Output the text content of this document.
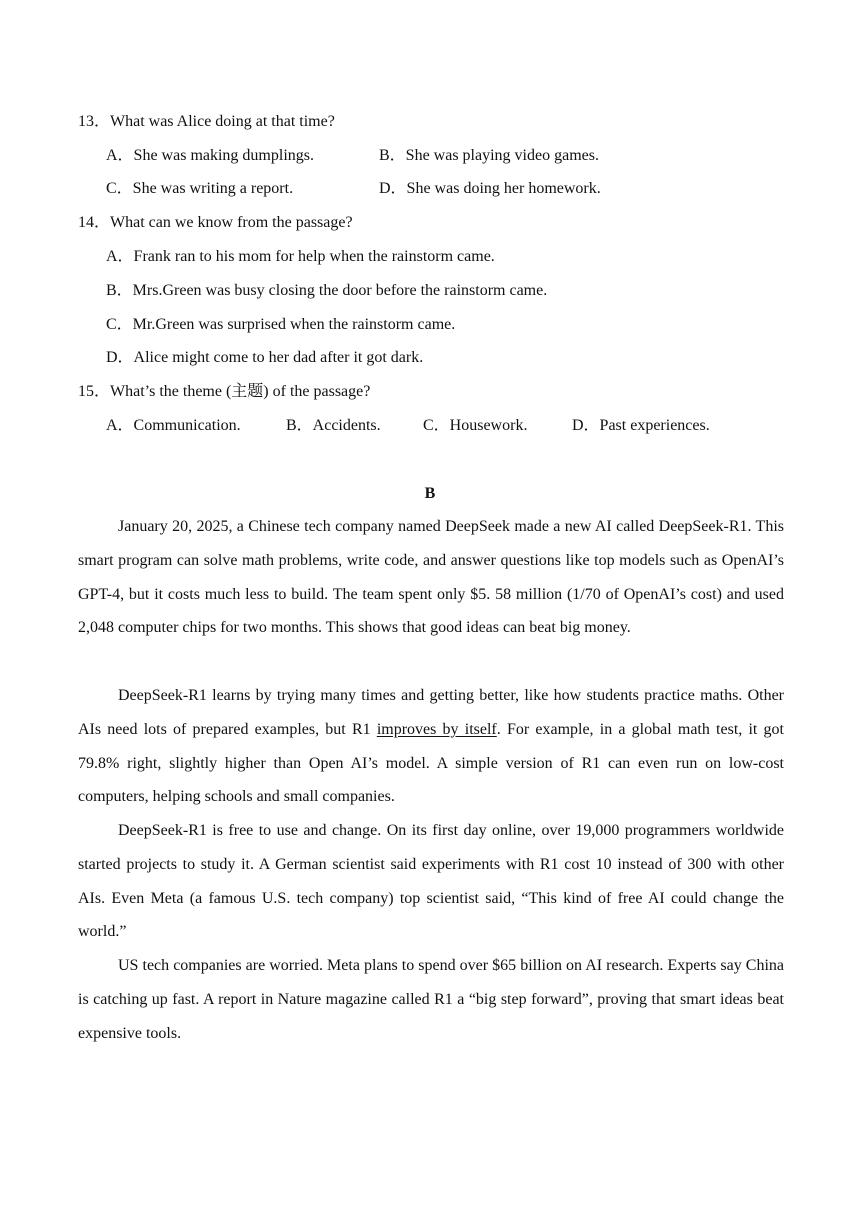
13．What was Alice doing at that time?
A．She was making dumplings.	B．She was playing video games.
C．She was writing a report.	D．She was doing her homework.
14．What can we know from the passage?
A．Frank ran to his mom for help when the rainstorm came.
B．Mrs.Green was busy closing the door before the rainstorm came.
C．Mr.Green was surprised when the rainstorm came.
D．Alice might come to her dad after it got dark.
15．What’s the theme (主题) of the passage?
A．Communication.	B．Accidents.	C．Housework.	D．Past experiences.
B

January 20, 2025, a Chinese tech company named DeepSeek made a new AI called DeepSeek-R1. This smart program can solve math problems, write code, and answer questions like top models such as OpenAI’s GPT-4, but it costs much less to build. The team spent only $5. 58 million (1/70 of OpenAI’s cost) and used 2,048 computer chips for two months. This shows that good ideas can beat big money.

DeepSeek-R1 learns by trying many times and getting better, like how students practice maths. Other AIs need lots of prepared examples, but R1 improves by itself. For example, in a global math test, it got 79.8% right, slightly higher than Open AI’s model. A simple version of R1 can even run on low-cost computers, helping schools and small companies.

DeepSeek-R1 is free to use and change. On its first day online, over 19,000 programmers worldwide started projects to study it. A German scientist said experiments with R1 cost 10 instead of 300 with other AIs. Even Meta (a famous U.S. tech company) top scientist said, “This kind of free AI could change the world.”

US tech companies are worried. Meta plans to spend over $65 billion on AI research. Experts say China is catching up fast. A report in Nature magazine called R1 a “big step forward”, proving that smart ideas beat expensive tools.
